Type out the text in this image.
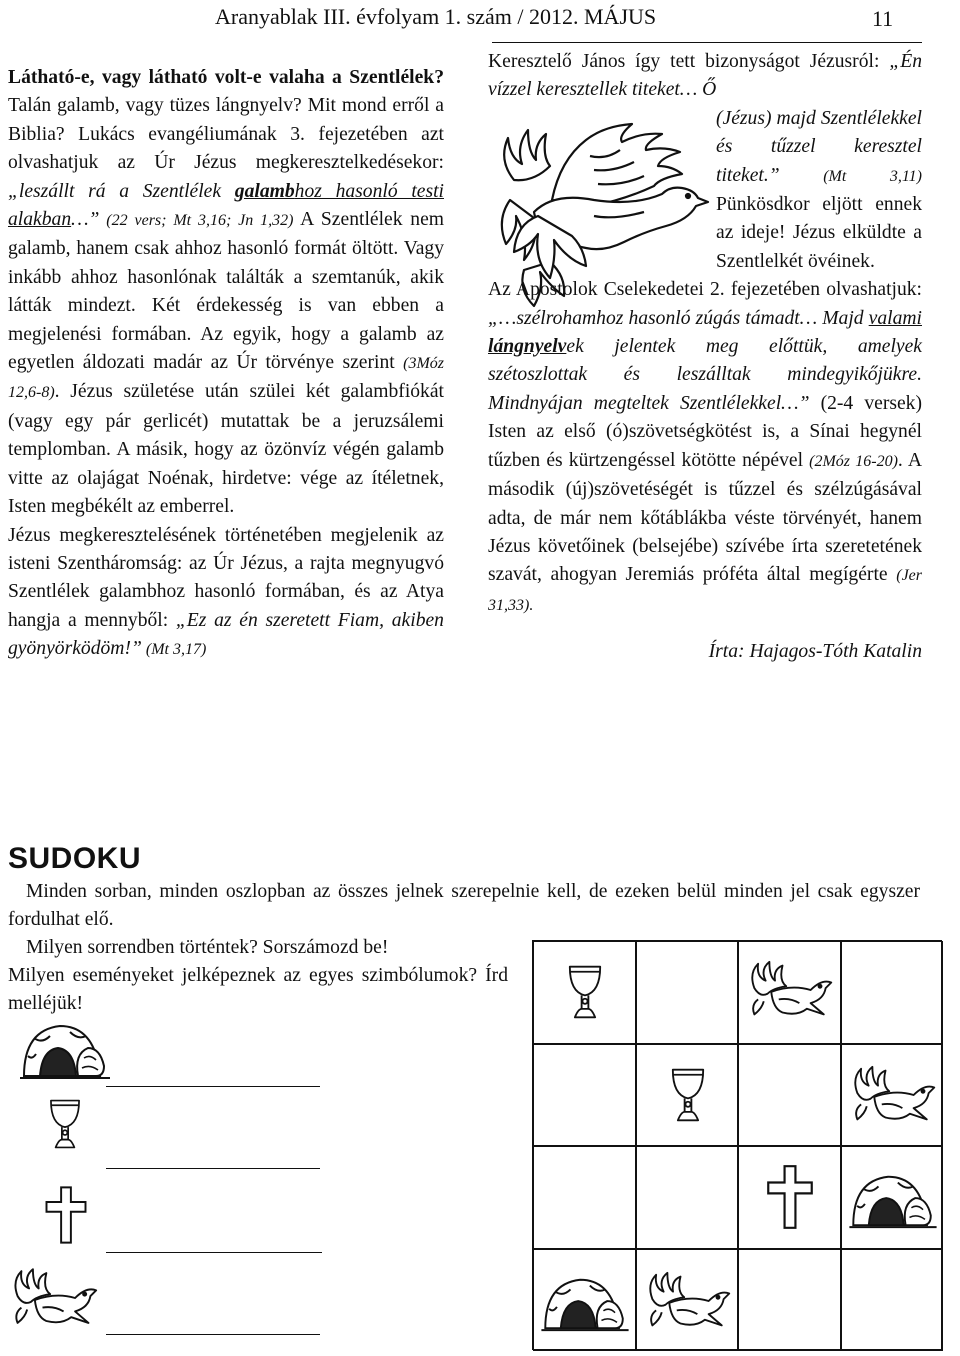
Aranyablak III. évfolyam 1. szám / 2012. MÁJUS	11

Látható-e, vagy látható volt-e valaha a Szentlélek? Talán galamb, vagy tüzes lángnyelv? Mit mond erről a Biblia? Lukács evangéliumának 3. fejezetében azt olvashatjuk az Úr Jézus megkeresztelkedésekor: „leszállt rá a Szentlélek galambhoz hasonló testi alakban…” (22 vers; Mt 3,16; Jn 1,32) A Szentlélek nem galamb, hanem csak ahhoz hasonló formát öltött. Vagy inkább ahhoz hasonlónak találták a szemtanúk, akik látták mindezt. Két érdekesség is van ebben a megjelenési formában. Az egyik, hogy a galamb az egyetlen áldozati madár az Úr törvénye szerint (3Móz 12,6-8). Jézus születése után szülei két galambfiókát (vagy egy pár gerlicét) mutattak be a jeruzsálemi templomban. A másik, hogy az özönvíz végén galamb vitte az olajágat Noénak, hirdetve: vége az ítéletnek, Isten megbékélt az emberrel.

Jézus megkeresztelésének történetében megjelenik az isteni Szentháromság: az Úr Jézus, a rajta megnyugvó Szentlélek galambhoz hasonló formában, és az Atya hangja a mennyből: „Ez az én szeretett Fiam, akiben gyönyörködöm!” (Mt 3,17)

Keresztelő János így tett bizonyságot Jézusról: „Én vízzel keresztellek titeket… Ő

(Jézus) majd Szentlélekkel és tűzzel keresztel titeket.” (Mt 3,11) Pünkösdkor eljött ennek az ideje! Jézus elküldte a Szentlelkét övéinek.

Az Apostolok Cselekedetei 2. fejezetében olvashatjuk: „…szélrohamhoz hasonló zúgás támadt… Majd valami lángnyelvek jelentek meg előttük, amelyek szétoszlottak és leszálltak mindegyikőjükre. Mindnyájan megteltek Szentlélekkel…” (2-4 versek) Isten az első (ó)szövetségkötést is, a Sínai hegynél tűzben és kürtzengéssel kötötte népével (2Móz 16-20). A második (új)szövetéségét is tűzzel és szélzúgásával adta, de már nem kőtáblákba véste törvényét, hanem Jézus követőinek (belsejébe) szívébe írta szeretetének szavát, ahogyan Jeremiás próféta által megígérte (Jer 31,33).

Írta: Hajagos-Tóth Katalin

SUDOKU
Minden sorban, minden oszlopban az összes jelnek szerepelnie kell, de ezeken belül minden jel csak egyszer fordulhat elő.

Milyen sorrendben történtek? Sorszámozd be!

Milyen eseményeket jelképeznek az egyes szimbólumok? Írd melléjük!
